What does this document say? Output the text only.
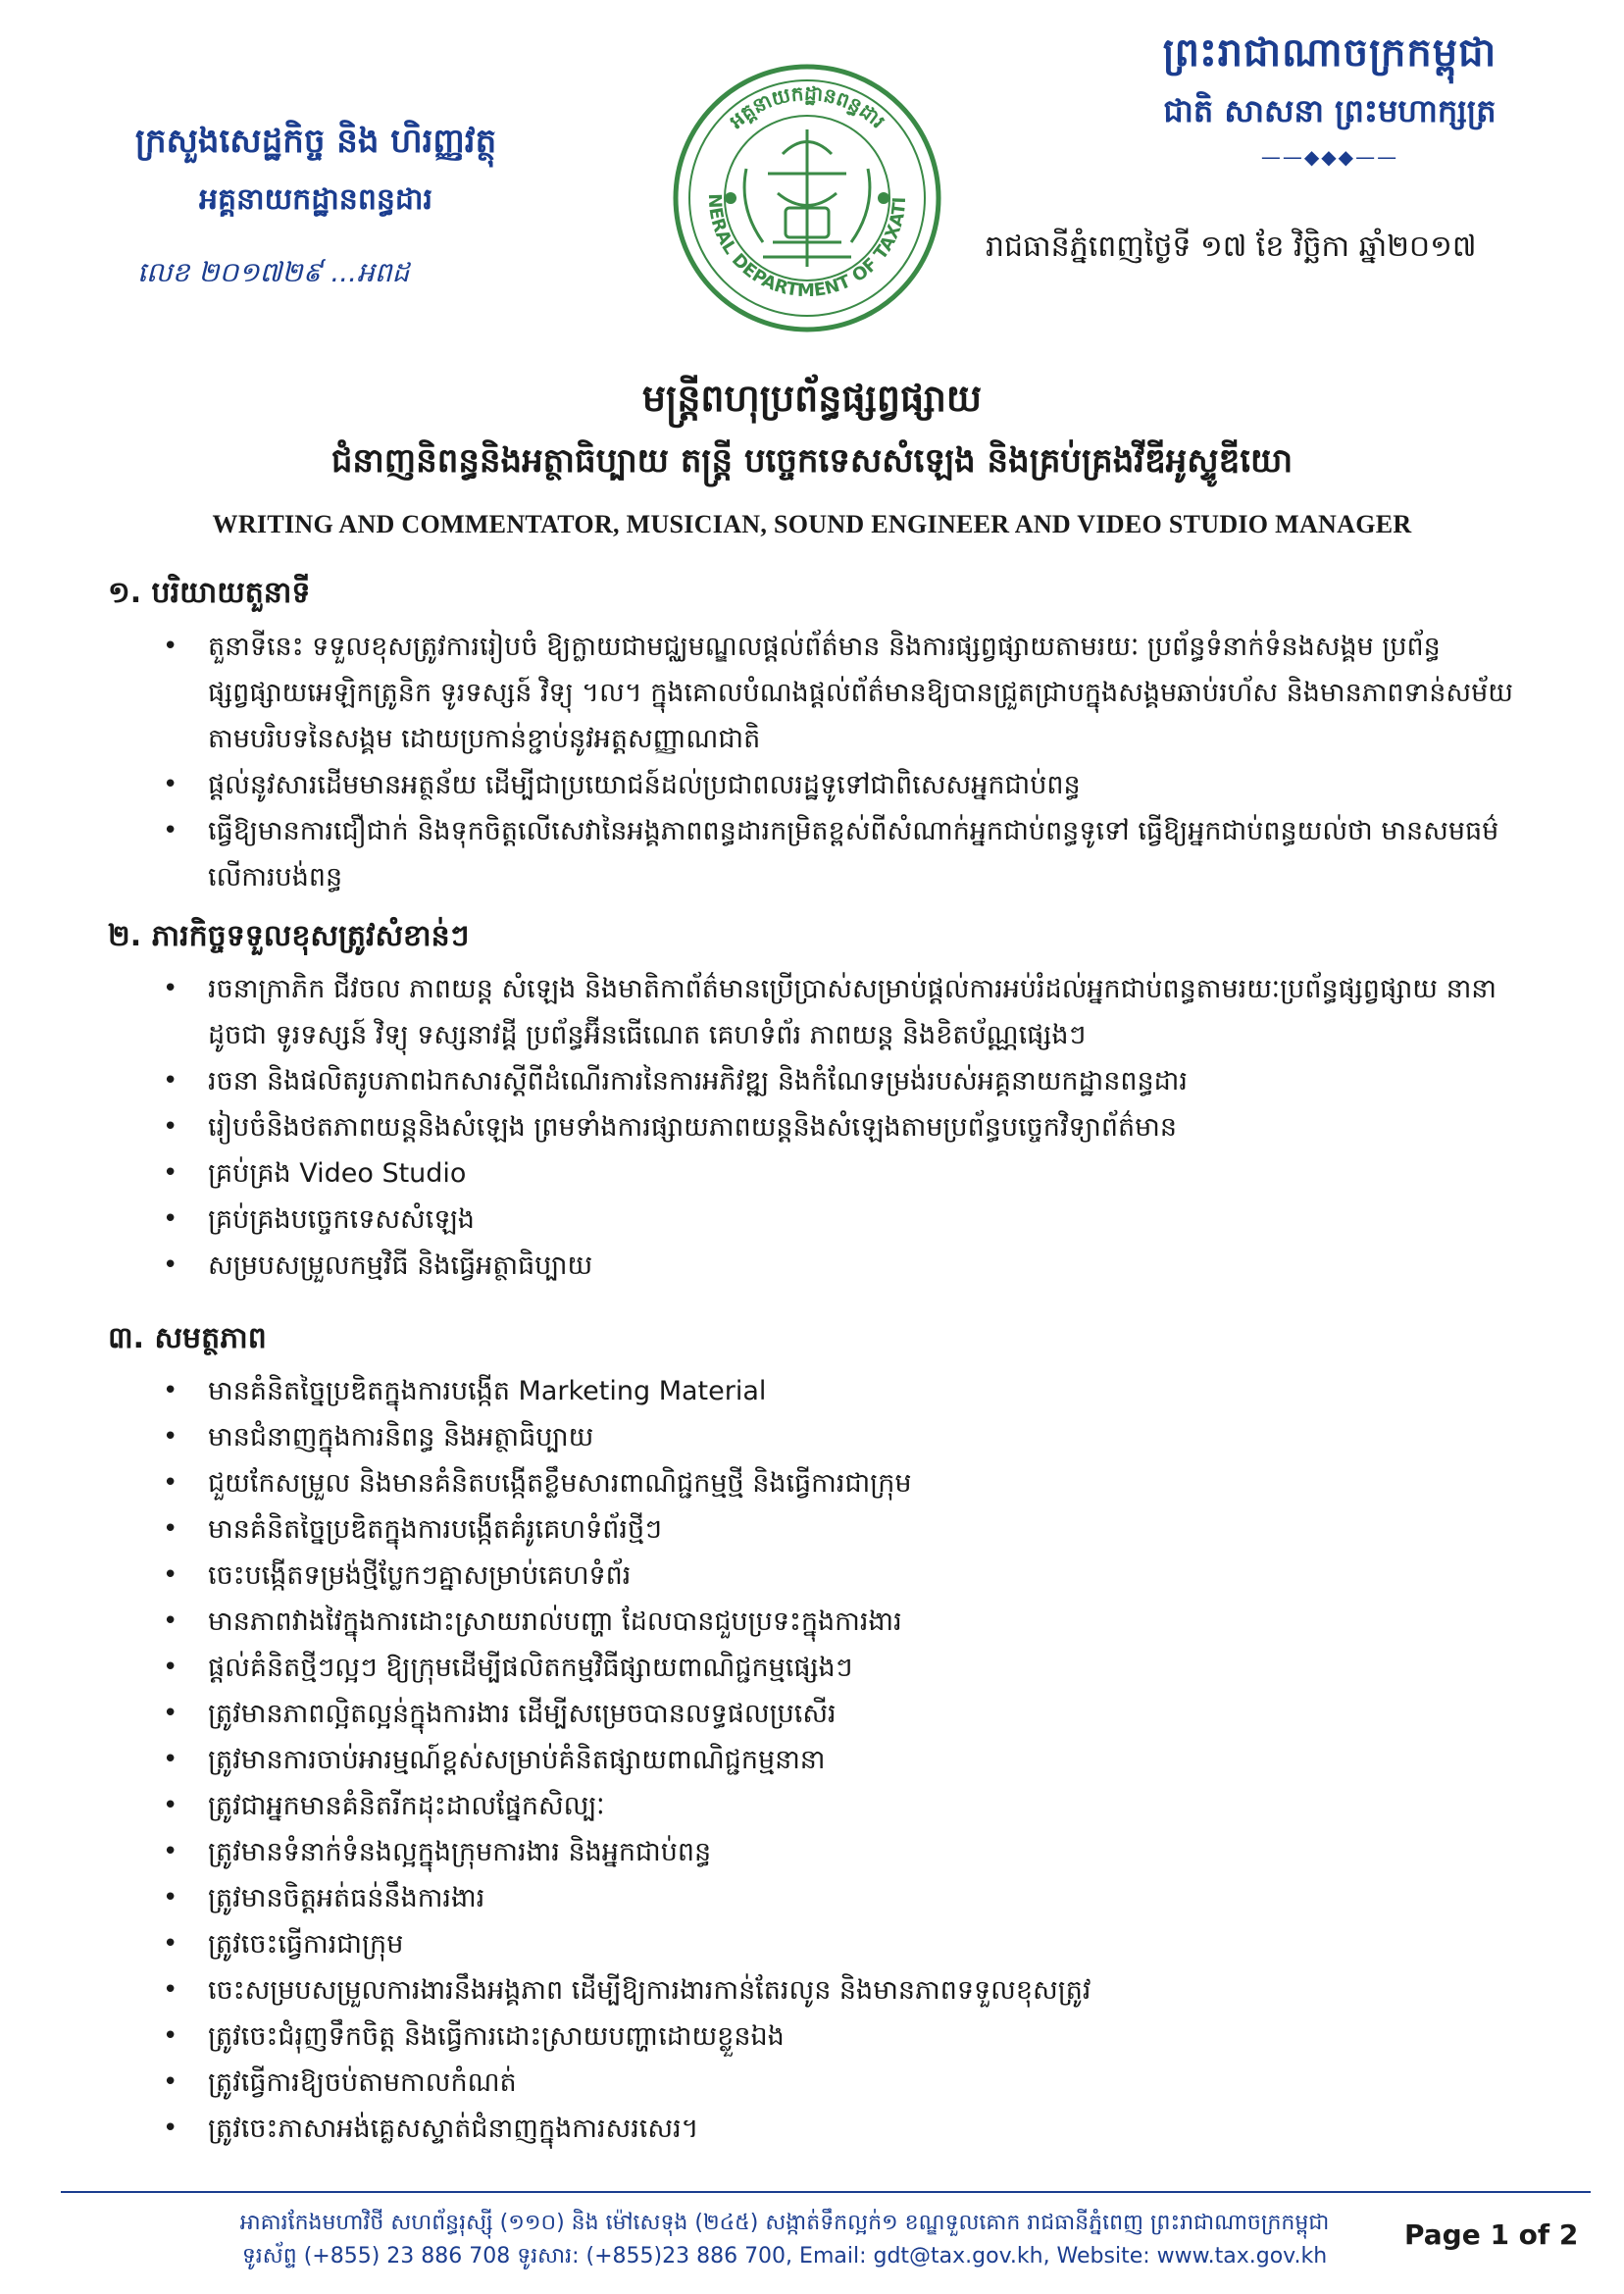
ព្រះរាជាណាចក្រកម្ពុជា
ជាតិ សាសនា ព្រះមហាក្សត្រ
——◆◆◆——
ក្រសួងសេដ្ឋកិច្ច និង ហិរញ្ញវត្ថុ
អគ្គនាយកដ្ឋានពន្ធដារ
លេខ ២០១៧២៩ ...អពដ
NERAL DEPARTMENT OF TAXATI
អគ្គនាយកដ្ឋានពន្ធដារ
រាជធានីភ្នំពេញថ្ងៃទី ១៧ ខែ វិច្ឆិកា ឆ្នាំ២០១៧
មន្ត្រីពហុប្រព័ន្ធផ្សព្វផ្សាយ
ជំនាញនិពន្ធនិងអត្ថាធិប្បាយ តន្ត្រី បច្ចេកទេសសំឡេង និងគ្រប់គ្រងវីឌីអូស្ទូឌីយោ
WRITING AND COMMENTATOR, MUSICIAN, SOUND ENGINEER AND VIDEO STUDIO MANAGER
១. បរិយាយតួនាទី
• តួនាទីនេះ ទទួលខុសត្រូវការរៀបចំ ឱ្យក្លាយជាមជ្ឈមណ្ឌលផ្ដល់ព័ត៌មាន និងការផ្សព្វផ្សាយតាមរយៈ ប្រព័ន្ធទំនាក់ទំនងសង្គម ប្រព័ន្ធផ្សព្វផ្សាយអេឡិកត្រូនិក ទូរទស្សន៍ វិទ្យុ ។ល។ ក្នុងគោលបំណងផ្ដល់ព័ត៌មានឱ្យបានជ្រួតជ្រាបក្នុងសង្គមឆាប់រហ័ស និងមានភាពទាន់សម័យតាមបរិបទនៃសង្គម ដោយប្រកាន់ខ្ជាប់នូវអត្តសញ្ញាណជាតិ
• ផ្ដល់នូវសារដើមមានអត្ថន័យ ដើម្បីជាប្រយោជន៍ដល់ប្រជាពលរដ្ឋទូទៅជាពិសេសអ្នកជាប់ពន្ធ
• ធ្វើឱ្យមានការជឿជាក់ និងទុកចិត្តលើសេវានៃអង្គភាពពន្ធដារកម្រិតខ្ពស់ពីសំណាក់អ្នកជាប់ពន្ធទូទៅ ធ្វើឱ្យអ្នកជាប់ពន្ធយល់ថា មានសមធម៌លើការបង់ពន្ធ
២. ភារកិច្ចទទួលខុសត្រូវសំខាន់ៗ
• រចនាក្រាភិក ជីវចល ភាពយន្ត សំឡេង និងមាតិកាព័ត៌មានប្រើប្រាស់សម្រាប់ផ្ដល់ការអប់រំដល់អ្នកជាប់ពន្ធតាមរយៈប្រព័ន្ធផ្សព្វផ្សាយ នានាដូចជា ទូរទស្សន៍ វិទ្យុ ទស្សនាវដ្ដី ប្រព័ន្ធអ៊ីនធើណេត គេហទំព័រ ភាពយន្ត និងខិតប័ណ្ណផ្សេងៗ
• រចនា និងផលិតរូបភាពឯកសារស្ដីពីដំណើរការនៃការអភិវឌ្ឍ និងកំណែទម្រង់របស់អគ្គនាយកដ្ឋានពន្ធដារ
• រៀបចំនិងថតភាពយន្តនិងសំឡេង ព្រមទាំងការផ្សាយភាពយន្តនិងសំឡេងតាមប្រព័ន្ធបច្ចេកវិទ្យាព័ត៌មាន
• គ្រប់គ្រង Video Studio
• គ្រប់គ្រងបច្ចេកទេសសំឡេង
• សម្របសម្រួលកម្មវិធី និងធ្វើអត្ថាធិប្បាយ
៣. សមត្ថភាព
• មានគំនិតច្នៃប្រឌិតក្នុងការបង្កើត Marketing Material
• មានជំនាញក្នុងការនិពន្ធ និងអត្ថាធិប្បាយ
• ជួយកែសម្រួល និងមានគំនិតបង្កើតខ្លឹមសារពាណិជ្ជកម្មថ្មី និងធ្វើការជាក្រុម
• មានគំនិតច្នៃប្រឌិតក្នុងការបង្កើតគំរូគេហទំព័រថ្មីៗ
• ចេះបង្កើតទម្រង់ថ្មីប្លែកៗគ្នាសម្រាប់គេហទំព័រ
• មានភាពវាងវៃក្នុងការដោះស្រាយរាល់បញ្ហា ដែលបានជួបប្រទះក្នុងការងារ
• ផ្ដល់គំនិតថ្មីៗល្អៗ ឱ្យក្រុមដើម្បីផលិតកម្មវិធីផ្សាយពាណិជ្ជកម្មផ្សេងៗ
• ត្រូវមានភាពល្អិតល្អន់ក្នុងការងារ ដើម្បីសម្រេចបានលទ្ធផលប្រសើរ
• ត្រូវមានការចាប់អារម្មណ៍ខ្ពស់សម្រាប់គំនិតផ្សាយពាណិជ្ជកម្មនានា
• ត្រូវជាអ្នកមានគំនិតរីកដុះដាលផ្នែកសិល្បៈ
• ត្រូវមានទំនាក់ទំនងល្អក្នុងក្រុមការងារ និងអ្នកជាប់ពន្ធ
• ត្រូវមានចិត្តអត់ធន់នឹងការងារ
• ត្រូវចេះធ្វើការជាក្រុម
• ចេះសម្របសម្រួលការងារនឹងអង្គភាព ដើម្បីឱ្យការងារកាន់តែរលូន និងមានភាពទទួលខុសត្រូវ
• ត្រូវចេះជំរុញទឹកចិត្ត និងធ្វើការដោះស្រាយបញ្ហាដោយខ្លួនឯង
• ត្រូវធ្វើការឱ្យចប់តាមកាលកំណត់
• ត្រូវចេះភាសាអង់គ្លេសស្ទាត់ជំនាញក្នុងការសរសេរ។
អាគារកែងមហាវិថី សហព័ន្ធរុស្ស៊ី (១១០) និង ម៉ៅសេទុង (២៤៥) សង្កាត់ទឹកល្អក់១ ខណ្ឌទួលគោក រាជធានីភ្នំពេញ ព្រះរាជាណាចក្រកម្ពុជា
ទូរស័ព្ទ (+855) 23 886 708 ទូរសារ: (+855)23 886 700, Email: gdt@tax.gov.kh, Website: www.tax.gov.kh
Page 1 of 2
